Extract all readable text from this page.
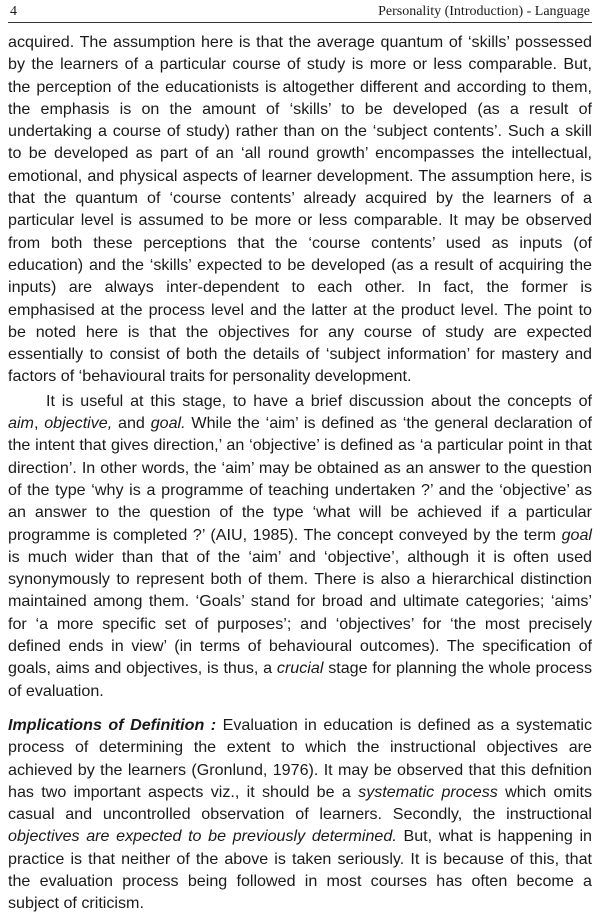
4	Personality (Introduction) - Language

acquired. The assumption here is that the average quantum of ‘skills’ possessed by the learners of a particular course of study is more or less comparable. But, the perception of the educationists is altogether different and according to them, the emphasis is on the amount of ‘skills’ to be developed (as a result of undertaking a course of study) rather than on the ‘subject contents’. Such a skill to be developed as part of an ‘all round growth’ encompasses the intellectual, emotional, and physical aspects of learner development. The assumption here, is that the quantum of ‘course contents’ already acquired by the learners of a particular level is assumed to be more or less comparable. It may be observed from both these perceptions that the ‘course contents’ used as inputs (of education) and the ‘skills’ expected to be developed (as a result of acquiring the inputs) are always inter-dependent to each other. In fact, the former is emphasised at the process level and the latter at the product level. The point to be noted here is that the objectives for any course of study are expected essentially to consist of both the details of ‘subject information’ for mastery and factors of ‘behavioural traits for personality development.

It is useful at this stage, to have a brief discussion about the concepts of aim, objective, and goal. While the ‘aim’ is defined as ‘the general declaration of the intent that gives direction,’ an ‘objective’ is defined as ‘a particular point in that direction’. In other words, the ‘aim’ may be obtained as an answer to the question of the type ‘why is a programme of teaching undertaken ?’ and the ‘objective’ as an answer to the question of the type ‘what will be achieved if a particular programme is completed ?’ (AIU, 1985). The concept conveyed by the term goal is much wider than that of the ‘aim’ and ‘objective’, although it is often used synonymously to represent both of them. There is also a hierarchical distinction maintained among them. ‘Goals’ stand for broad and ultimate categories; ‘aims’ for ‘a more specific set of purposes’; and ‘objectives’ for ‘the most precisely defined ends in view’ (in terms of behavioural outcomes). The specification of goals, aims and objectives, is thus, a crucial stage for planning the whole process of evaluation.

Implications of Definition : Evaluation in education is defined as a systematic process of determining the extent to which the instructional objectives are achieved by the learners (Gronlund, 1976). It may be observed that this defnition has two important aspects viz., it should be a systematic process which omits casual and uncontrolled observation of learners. Secondly, the instructional objectives are expected to be previously determined. But, what is happening in practice is that neither of the above is taken seriously. It is because of this, that the evaluation process being followed in most courses has often become a subject of criticism.
